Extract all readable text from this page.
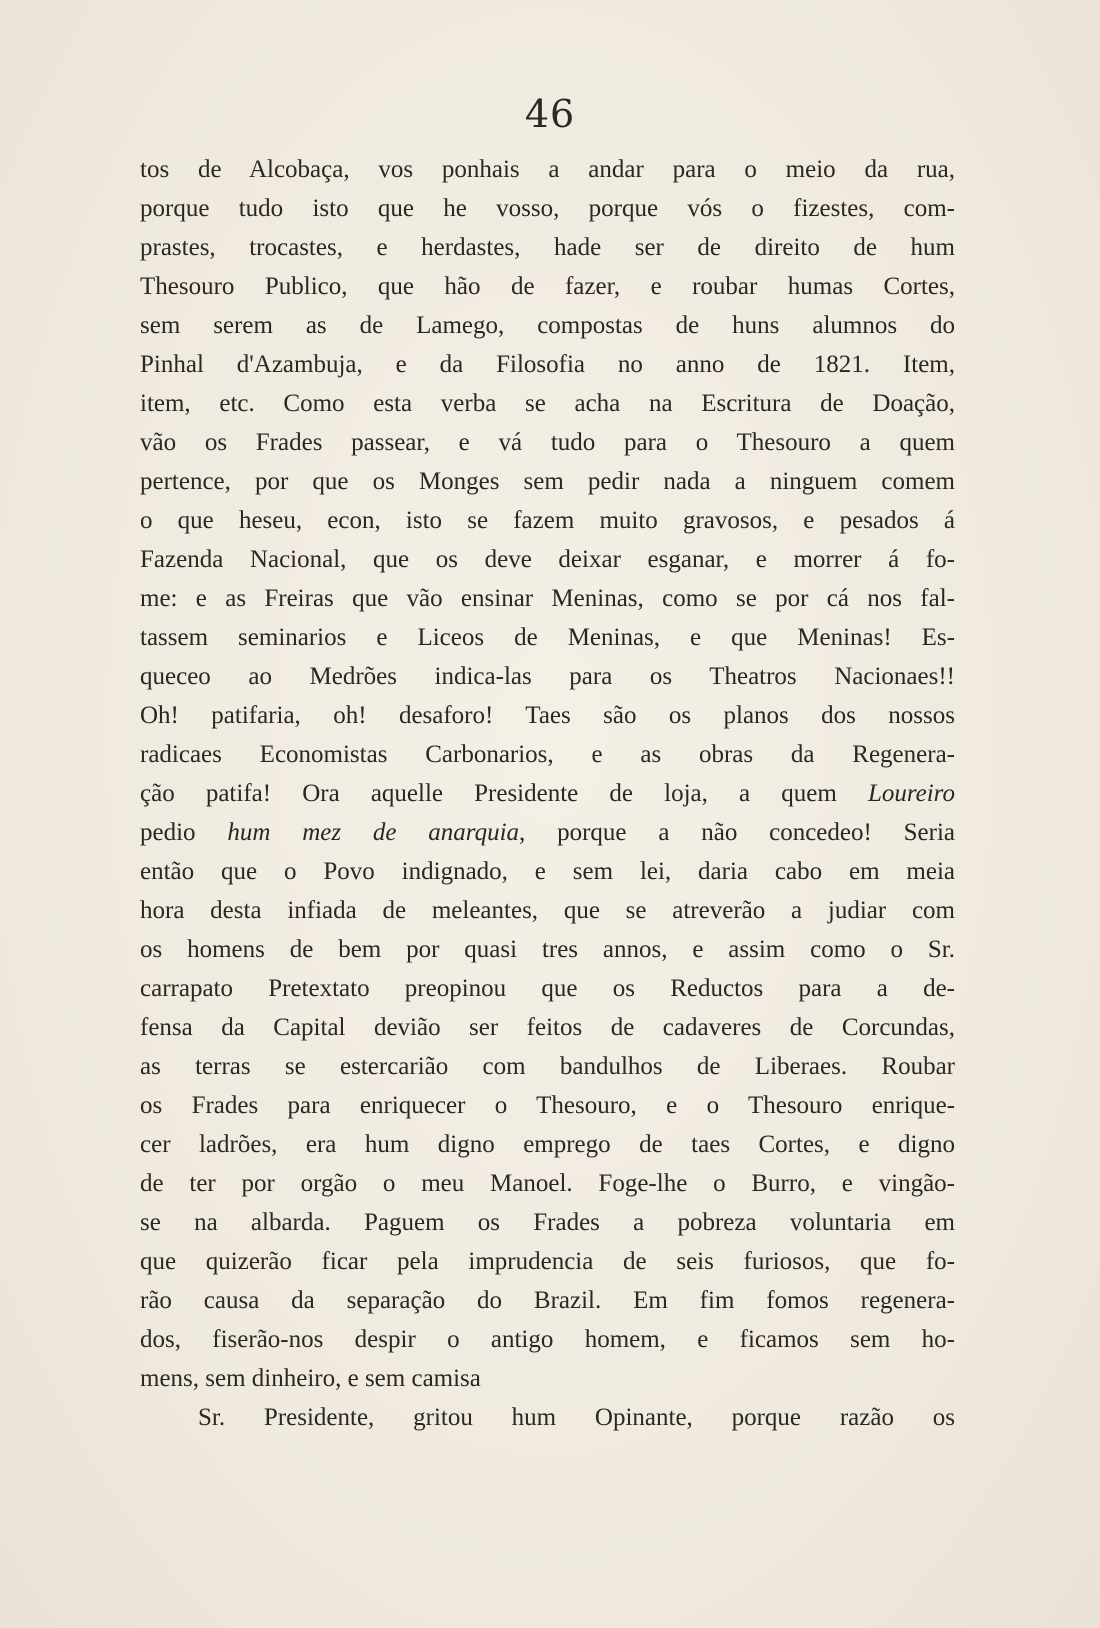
46
tos de Alcobaça, vos ponhais a andar para o meio da rua,
porque tudo isto que he vosso, porque vós o fizestes, com-
prastes, trocastes, e herdastes, hade ser de direito de hum
Thesouro Publico, que hão de fazer, e roubar humas Cortes,
sem serem as de Lamego, compostas de huns alumnos do
Pinhal d'Azambuja, e da Filosofia no anno de 1821. Item,
item, etc. Como esta verba se acha na Escritura de Doação,
vão os Frades passear, e vá tudo para o Thesouro a quem
pertence, por que os Monges sem pedir nada a ninguem comem
o que heseu, econ, isto se fazem muito gravosos, e pesados á
Fazenda Nacional, que os deve deixar esganar, e morrer á fo-
me: e as Freiras que vão ensinar Meninas, como se por cá nos fal-
tassem seminarios e Liceos de Meninas, e que Meninas! Es-
queceo ao Medrões indica-las para os Theatros Nacionaes!!
Oh! patifaria, oh! desaforo! Taes são os planos dos nossos
radicaes Economistas Carbonarios, e as obras da Regenera-
ção patifa! Ora aquelle Presidente de loja, a quem Loureiro
pedio hum mez de anarquia, porque a não concedeo! Seria
então que o Povo indignado, e sem lei, daria cabo em meia
hora desta infiada de meleantes, que se atreverão a judiar com
os homens de bem por quasi tres annos, e assim como o Sr.
carrapato Pretextato preopinou que os Reductos para a de-
fensa da Capital devião ser feitos de cadaveres de Corcundas,
as terras se estercarião com bandulhos de Liberaes. Roubar
os Frades para enriquecer o Thesouro, e o Thesouro enrique-
cer ladrões, era hum digno emprego de taes Cortes, e digno
de ter por orgão o meu Manoel. Foge-lhe o Burro, e vingão-
se na albarda. Paguem os Frades a pobreza voluntaria em
que quizerão ficar pela imprudencia de seis furiosos, que fo-
rão causa da separação do Brazil. Em fim fomos regenera-
dos, fiserão-nos despir o antigo homem, e ficamos sem ho-
mens, sem dinheiro, e sem camisa
Sr. Presidente, gritou hum Opinante, porque razão os
